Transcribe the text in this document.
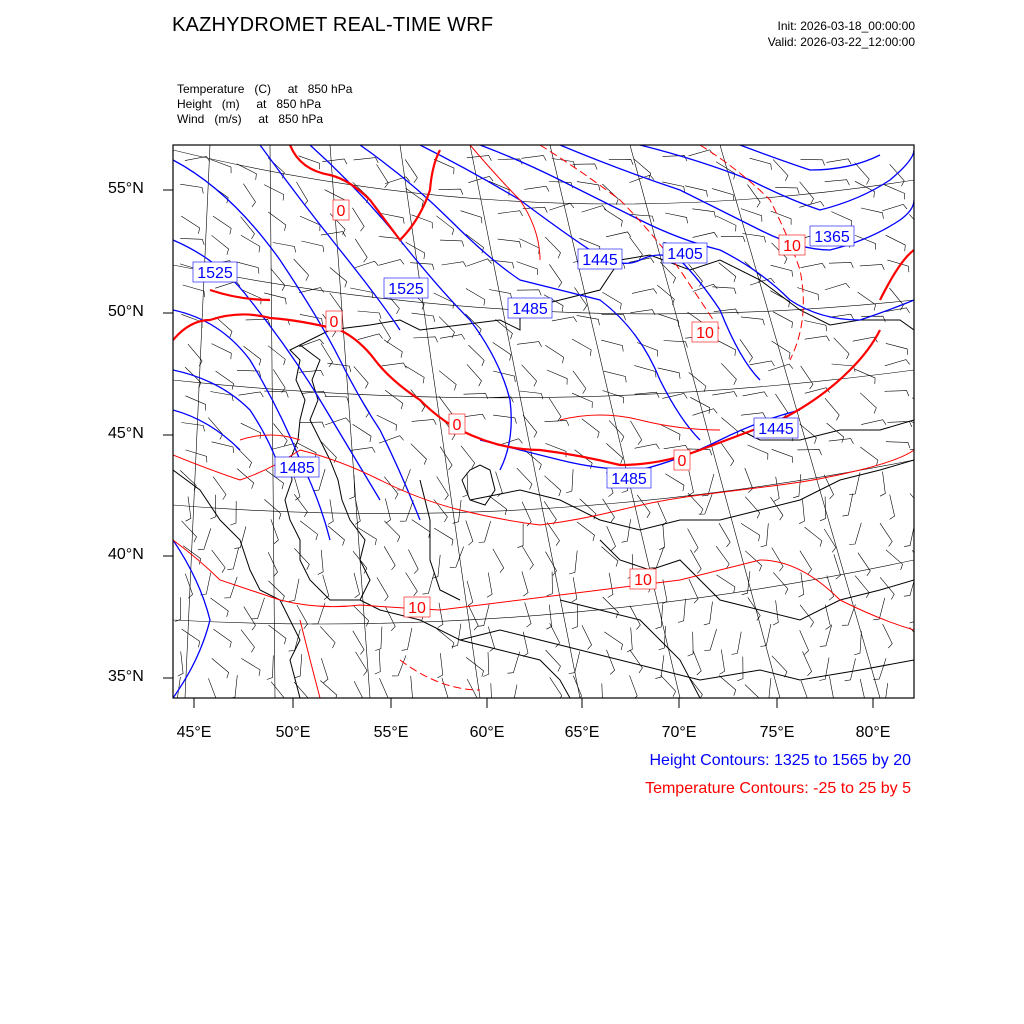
KAZHYDROMET REAL-TIME WRF	Init: 2026-03-18_00:00:00
Valid: 2026-03-22_12:00:00
Temperature   (C)     at   850 hPa
Height   (m)     at   850 hPa
Wind   (m/s)     at   850 hPa
1525
1525
1485
1445	1405
1365
1485
1485
1445
0
0
0
0
10
10
10
10
55°N
50°N
45°N
40°N
35°N
45°E	50°E	55°E	60°E	65°E	70°E	75°E	80°E
Height Contours: 1325 to 1565 by 20
Temperature Contours: -25 to 25 by 5
